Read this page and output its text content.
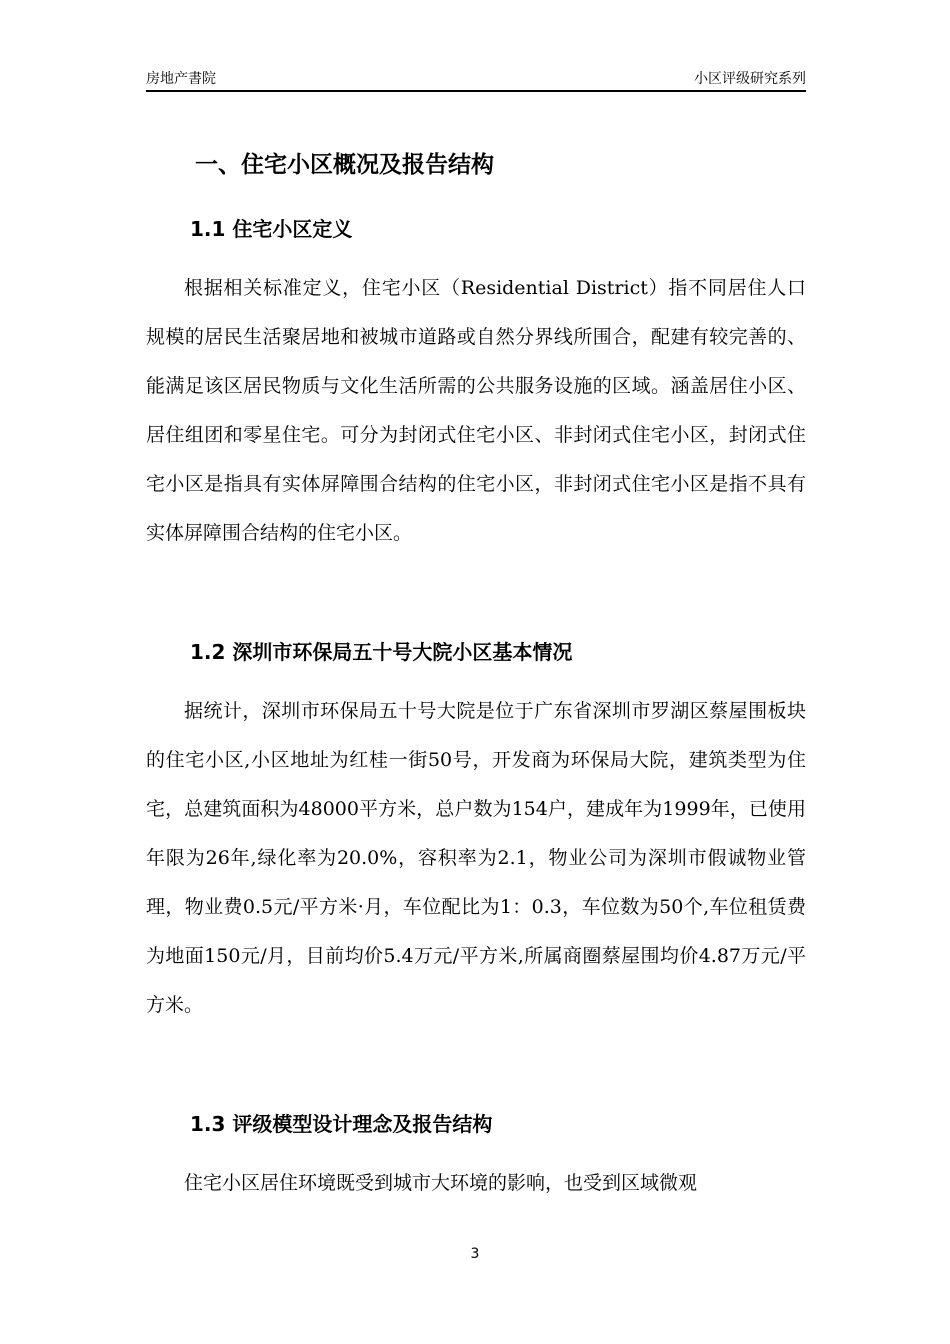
房地产書院	小区评级研究系列
一、住宅小区概况及报告结构
1.1 住宅小区定义
根据相关标准定义，住宅小区（Residential District）指不同居住人口规模的居民生活聚居地和被城市道路或自然分界线所围合，配建有较完善的、能满足该区居民物质与文化生活所需的公共服务设施的区域。涵盖居住小区、居住组团和零星住宅。可分为封闭式住宅小区、非封闭式住宅小区，封闭式住宅小区是指具有实体屏障围合结构的住宅小区，非封闭式住宅小区是指不具有实体屏障围合结构的住宅小区。
1.2 深圳市环保局五十号大院小区基本情况
据统计，深圳市环保局五十号大院是位于广东省深圳市罗湖区蔡屋围板块的住宅小区,小区地址为红桂一街50号，开发商为环保局大院，建筑类型为住宅，总建筑面积为48000平方米，总户数为154户，建成年为1999年，已使用年限为26年,绿化率为20.0%，容积率为2.1，物业公司为深圳市假诚物业管理，物业费0.5元/平方米·月，车位配比为1：0.3，车位数为50个,车位租赁费为地面150元/月，目前均价5.4万元/平方米,所属商圈蔡屋围均价4.87万元/平方米。
1.3 评级模型设计理念及报告结构
住宅小区居住环境既受到城市大环境的影响，也受到区域微观
3
